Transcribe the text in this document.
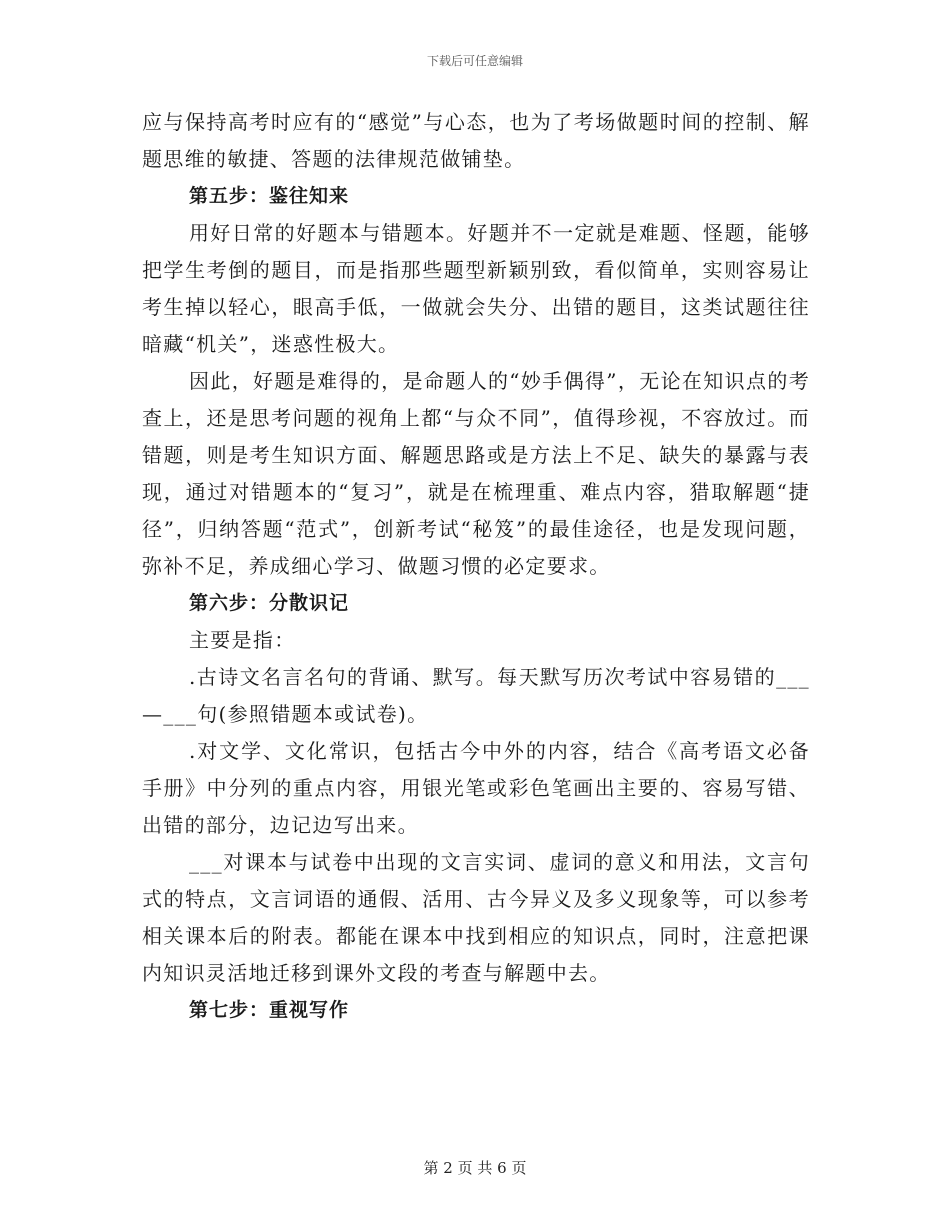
下载后可任意编辑

应与保持高考时应有的“感觉”与心态，也为了考场做题时间的控制、解题思维的敏捷、答题的法律规范做铺垫。

第五步：鉴往知来

用好日常的好题本与错题本。好题并不一定就是难题、怪题，能够把学生考倒的题目，而是指那些题型新颖别致，看似简单，实则容易让考生掉以轻心，眼高手低，一做就会失分、出错的题目，这类试题往往暗藏“机关”，迷惑性极大。

因此，好题是难得的，是命题人的“妙手偶得”，无论在知识点的考查上，还是思考问题的视角上都“与众不同”，值得珍视，不容放过。而错题，则是考生知识方面、解题思路或是方法上不足、缺失的暴露与表现，通过对错题本的“复习”，就是在梳理重、难点内容，猎取解题“捷径”，归纳答题“范式”，创新考试“秘笈”的最佳途径，也是发现问题，弥补不足，养成细心学习、做题习惯的必定要求。

第六步：分散识记

主要是指：

.古诗文名言名句的背诵、默写。每天默写历次考试中容易错的___—___句(参照错题本或试卷)。

.对文学、文化常识，包括古今中外的内容，结合《高考语文必备手册》中分列的重点内容，用银光笔或彩色笔画出主要的、容易写错、出错的部分，边记边写出来。

___对课本与试卷中出现的文言实词、虚词的意义和用法，文言句式的特点，文言词语的通假、活用、古今异义及多义现象等，可以参考相关课本后的附表。都能在课本中找到相应的知识点，同时，注意把课内知识灵活地迁移到课外文段的考查与解题中去。

第七步：重视写作
第 2 页 共 6 页
